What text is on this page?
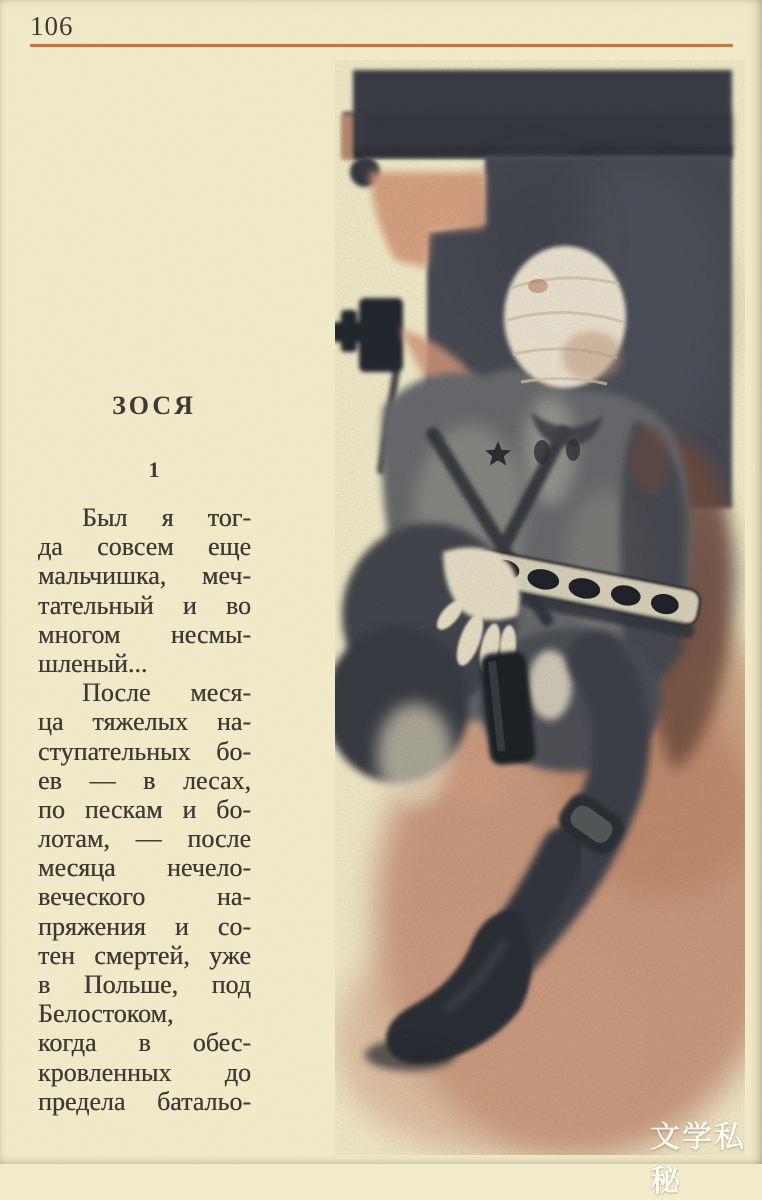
106
ЗОСЯ
1
Был я тог-
да совсем еще
мальчишка, меч-
тательный и во
многом несмы-
шленый...
После меся-
ца тяжелых на-
ступательных бо-
ев — в лесах,
по пескам и бо-
лотам, — после
месяца нечело-
веческого	на-
пряжения и со-
тен смертей, уже
в Польше, под
Белостоком,
когда в обес-
кровленных до
предела батальо-
文学私秘
